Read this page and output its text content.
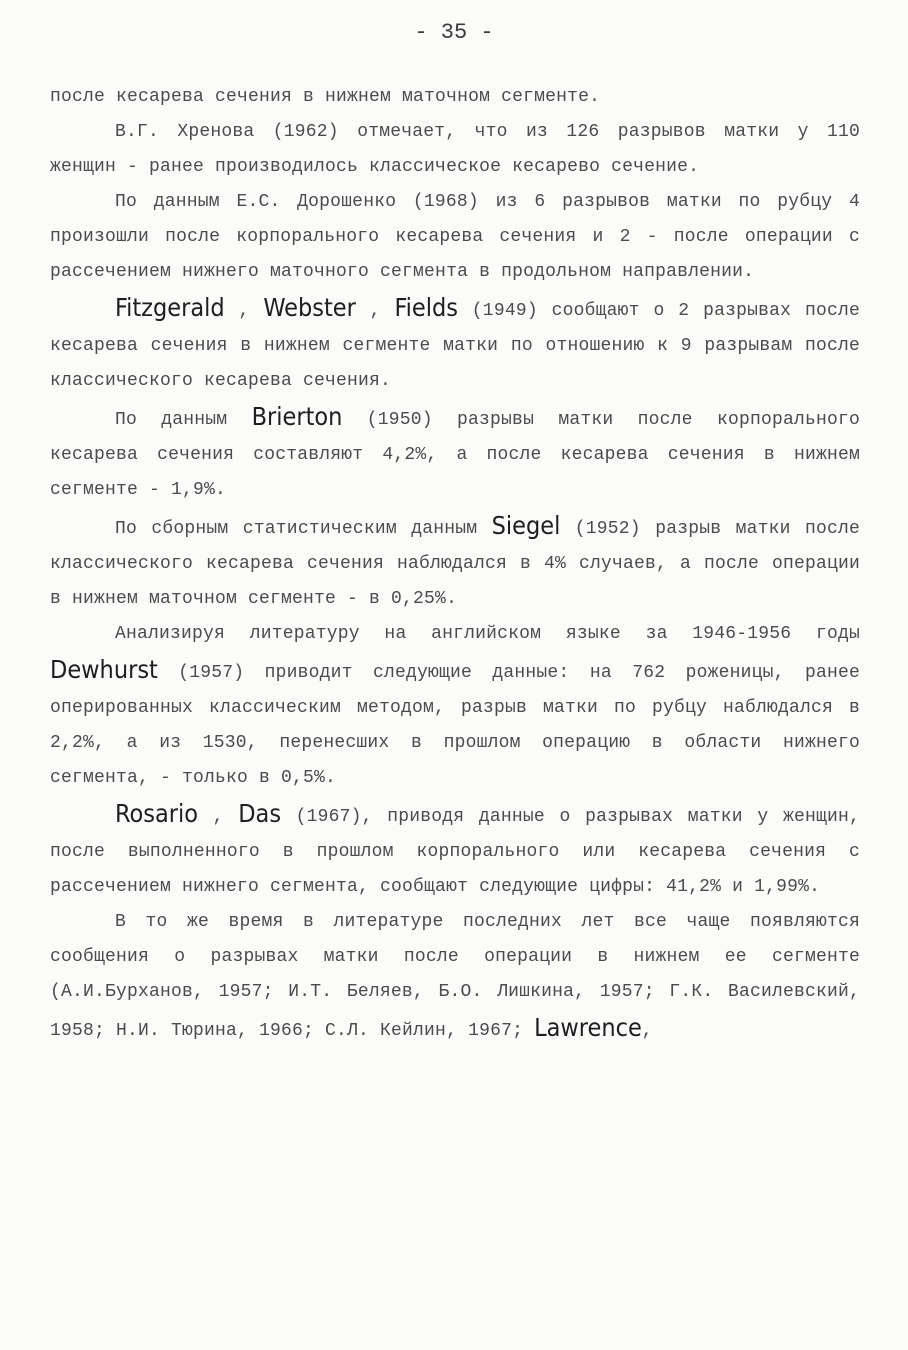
- 35 -

после кесарева сечения в нижнем маточном сегменте.

В.Г. Хренова (1962) отмечает, что из 126 разрывов матки у 110 женщин - ранее производилось классическое кесарево сечение.

По данным Е.С. Дорошенко (1968) из 6 разрывов матки по рубцу 4 произошли после корпорального кесарева сечения и 2 - после операции с рассечением нижнего маточного сегмента в продольном направлении.

Fitzgerald , Webster , Fields (1949) сообщают о 2 разрывах после кесарева сечения в нижнем сегменте матки по отношению к 9 разрывам после классического кесарева сечения.

По данным Brierton (1950) разрывы матки после корпорального кесарева сечения составляют 4,2%, а после кесарева сечения в нижнем сегменте - 1,9%.

По сборным статистическим данным Siegel (1952) разрыв матки после классического кесарева сечения наблюдался в 4% случаев, а после операции в нижнем маточном сегменте - в 0,25%.

Анализируя литературу на английском языке за 1946-1956 годы Dewhurst (1957) приводит следующие данные: на 762 роженицы, ранее оперированных классическим методом, разрыв матки по рубцу наблюдался в 2,2%, а из 1530, перенесших в прошлом операцию в области нижнего сегмента, - только в 0,5%.

Rosario , Das (1967), приводя данные о разрывах матки у женщин, после выполненного в прошлом корпорального или кесарева сечения с рассечением нижнего сегмента, сообщают следующие цифры: 41,2% и 1,99%.

В то же время в литературе последних лет все чаще появляются сообщения о разрывах матки после операции в нижнем ее сегменте (А.И.Бурханов, 1957; И.Т. Беляев, Б.О. Лишкина, 1957; Г.К. Василевский, 1958; Н.И. Тюрина, 1966; С.Л. Кейлин, 1967; Lawrence,
